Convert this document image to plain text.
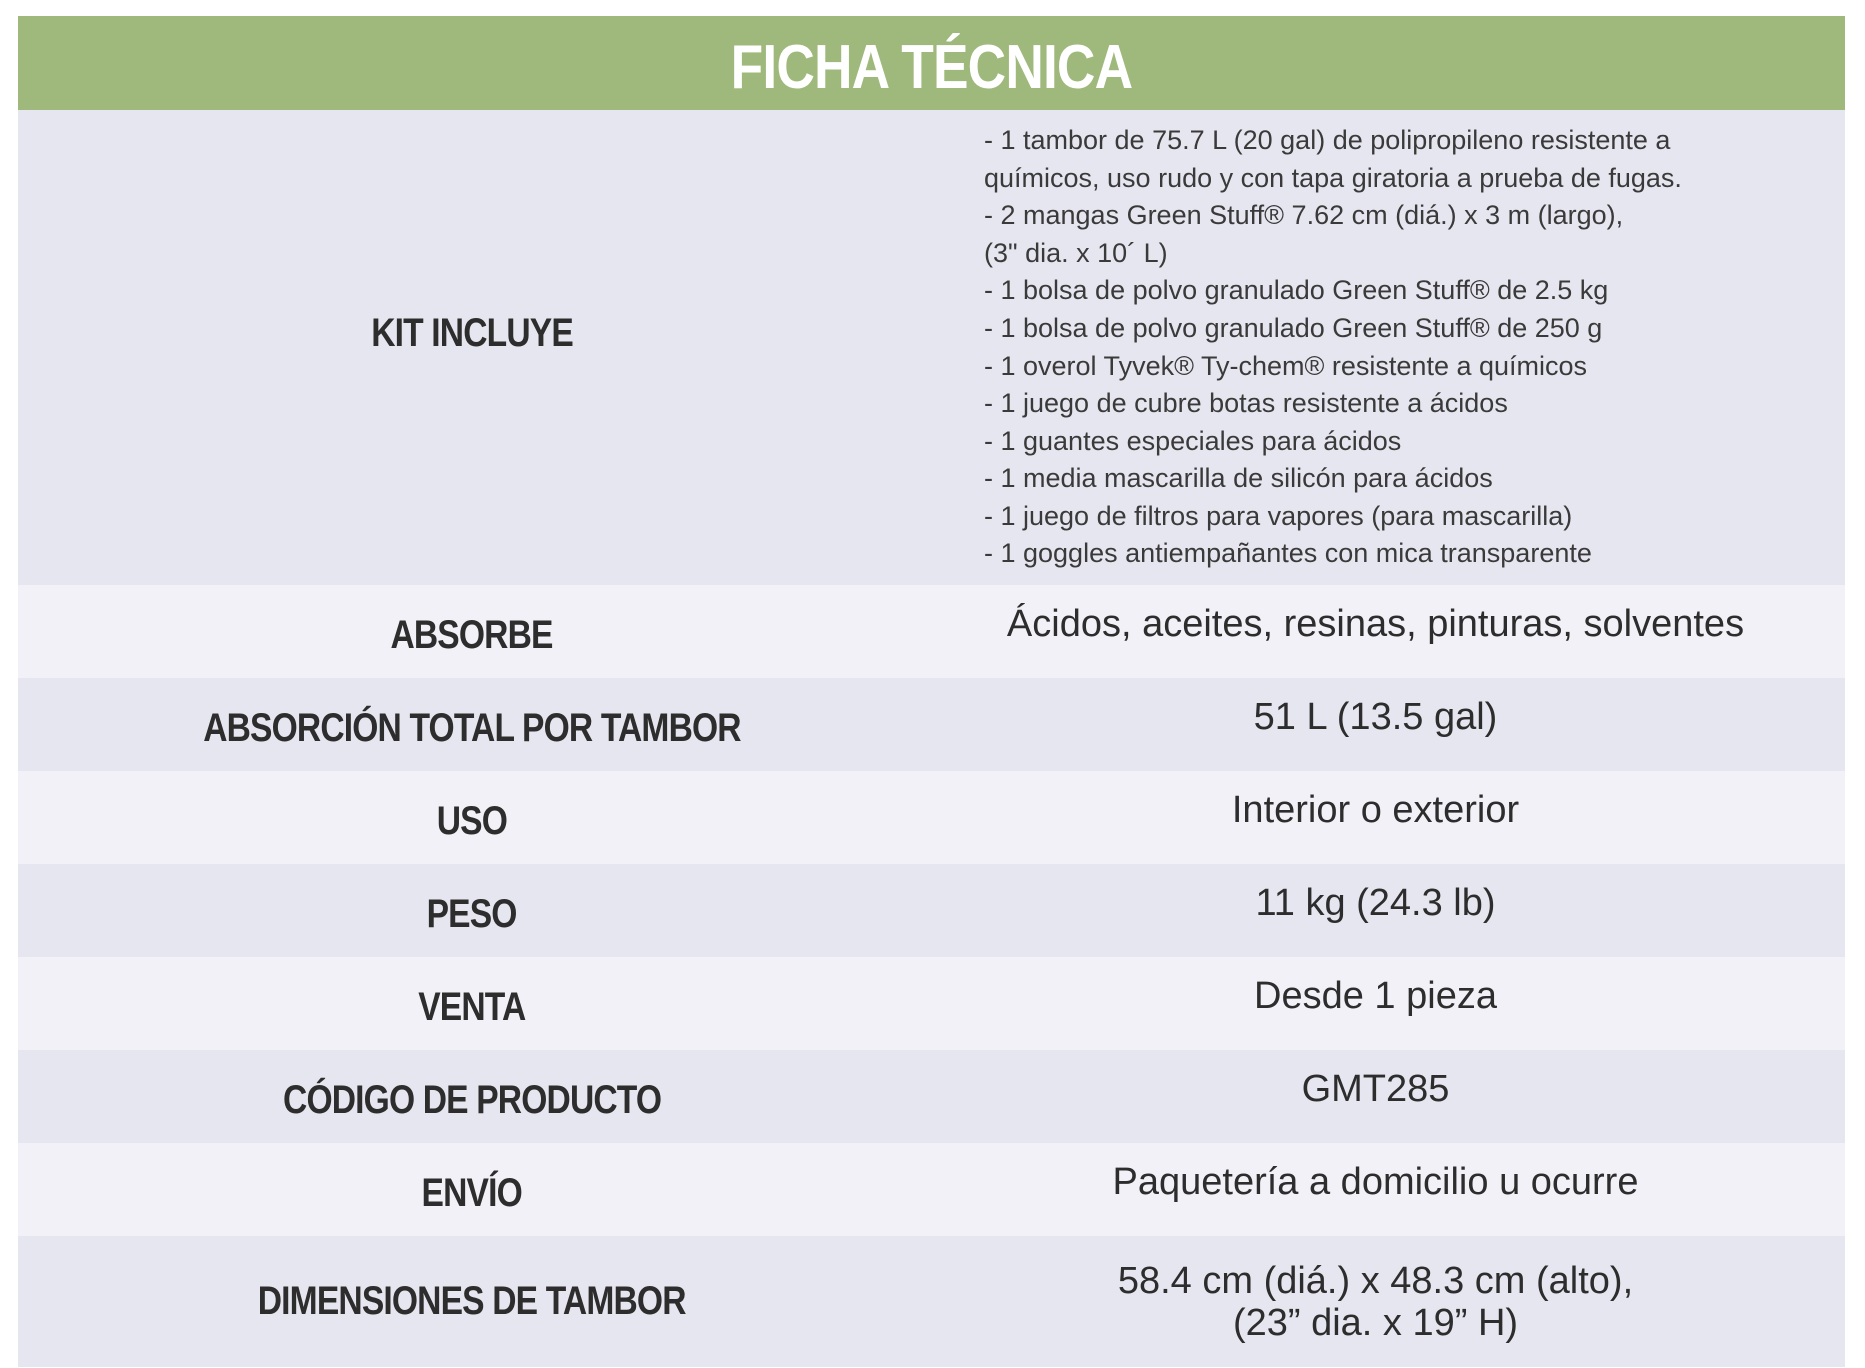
FICHA TÉCNICA
KIT INCLUYE
- 1 tambor de 75.7 L (20 gal) de polipropileno resistente a
químicos, uso rudo y con tapa giratoria a prueba de fugas.
- 2 mangas Green Stuff® 7.62 cm (diá.) x 3 m (largo),
(3" dia. x 10´ L)
- 1 bolsa de polvo granulado Green Stuff® de 2.5 kg
- 1 bolsa de polvo granulado Green Stuff® de 250 g
- 1 overol Tyvek® Ty-chem® resistente a químicos
- 1 juego de cubre botas resistente a ácidos
- 1 guantes especiales para ácidos
- 1 media mascarilla de silicón para ácidos
- 1 juego de filtros para vapores (para mascarilla)
- 1 goggles antiempañantes con mica transparente
ABSORBE	Ácidos, aceites, resinas, pinturas, solventes
ABSORCIÓN TOTAL POR TAMBOR	51 L (13.5 gal)
USO	Interior o exterior
PESO	11 kg (24.3 lb)
VENTA	Desde 1 pieza
CÓDIGO DE PRODUCTO	GMT285
ENVÍO	Paquetería a domicilio u ocurre
DIMENSIONES DE TAMBOR	58.4 cm (diá.) x 48.3 cm (alto),
(23” dia. x 19” H)
